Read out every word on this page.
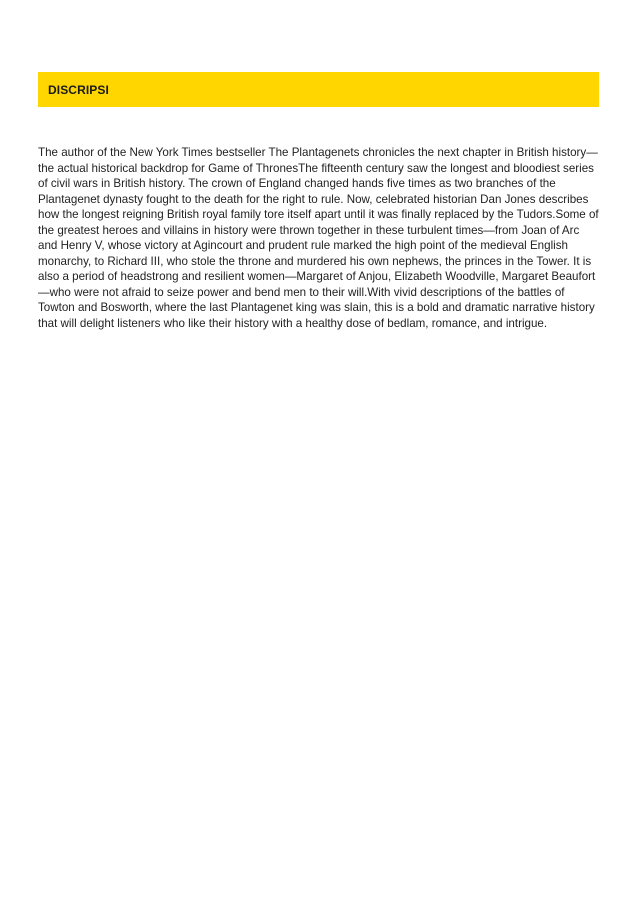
DISCRIPSI

The author of the New York Times bestseller The Plantagenets chronicles the next chapter in British history—the actual historical backdrop for Game of ThronesThe fifteenth century saw the longest and bloodiest series of civil wars in British history. The crown of England changed hands five times as two branches of the Plantagenet dynasty fought to the death for the right to rule. Now, celebrated historian Dan Jones describes how the longest reigning British royal family tore itself apart until it was finally replaced by the Tudors.Some of the greatest heroes and villains in history were thrown together in these turbulent times—from Joan of Arc and Henry V, whose victory at Agincourt and prudent rule marked the high point of the medieval English monarchy, to Richard III, who stole the throne and murdered his own nephews, the princes in the Tower. It is also a period of headstrong and resilient women—Margaret of Anjou, Elizabeth Woodville, Margaret Beaufort—who were not afraid to seize power and bend men to their will.With vivid descriptions of the battles of Towton and Bosworth, where the last Plantagenet king was slain, this is a bold and dramatic narrative history that will delight listeners who like their history with a healthy dose of bedlam, romance, and intrigue.
